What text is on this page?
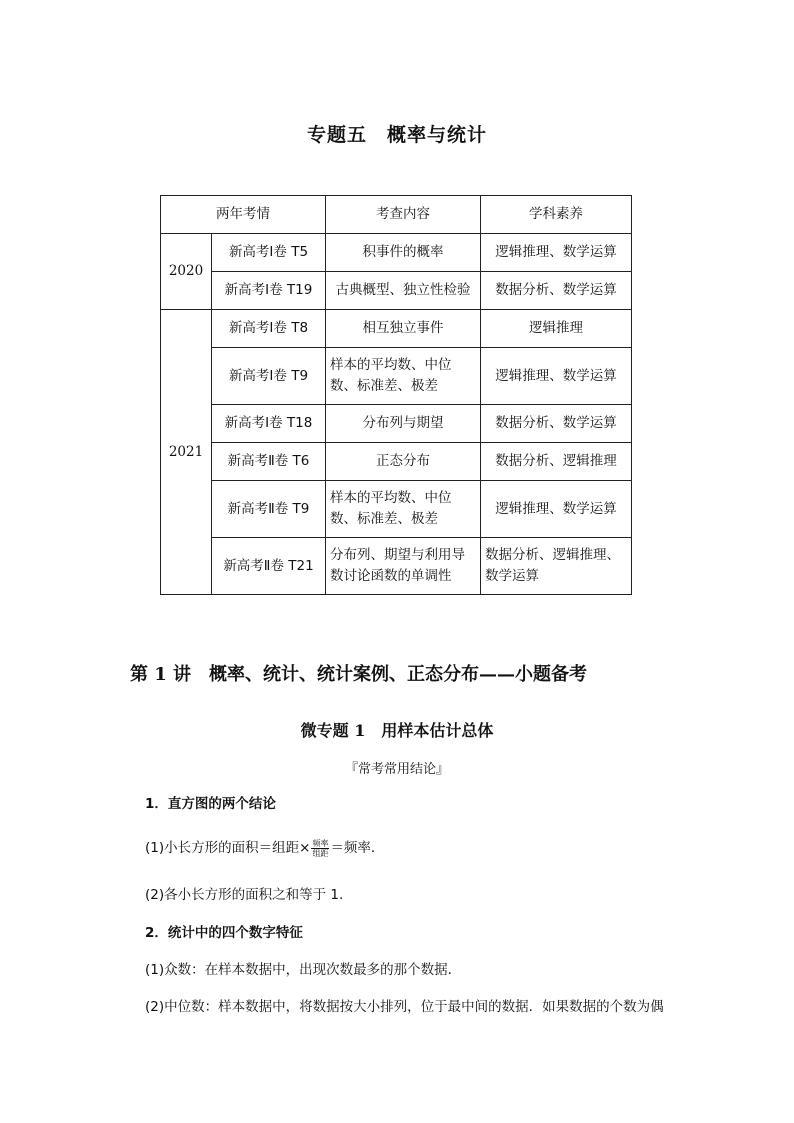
专题五　概率与统计
两年考情		考查内容	学科素养
2020	新高考Ⅰ卷 T5	积事件的概率	逻辑推理、数学运算
	新高考Ⅰ卷 T19	古典概型、独立性检验	数据分析、数学运算
2021	新高考Ⅰ卷 T8	相互独立事件	逻辑推理
	新高考Ⅰ卷 T9	样本的平均数、中位数、标准差、极差	逻辑推理、数学运算
	新高考Ⅰ卷 T18	分布列与期望	数据分析、数学运算
	新高考Ⅱ卷 T6	正态分布	数据分析、逻辑推理
	新高考Ⅱ卷 T9	样本的平均数、中位数、标准差、极差	逻辑推理、数学运算
	新高考Ⅱ卷 T21	分布列、期望与利用导数讨论函数的单调性	数据分析、逻辑推理、数学运算
第 1 讲　概率、统计、统计案例、正态分布——小题备考
微专题 1　用样本估计总体
『常考常用结论』
1．直方图的两个结论
(1)小长方形的面积＝组距× $\frac{\text{频率}}{\text{组距}}$ ＝频率．
(2)各小长方形的面积之和等于 1.
2．统计中的四个数字特征
(1)众数：在样本数据中，出现次数最多的那个数据．
(2)中位数：样本数据中，将数据按大小排列，位于最中间的数据．如果数据的个数为偶
